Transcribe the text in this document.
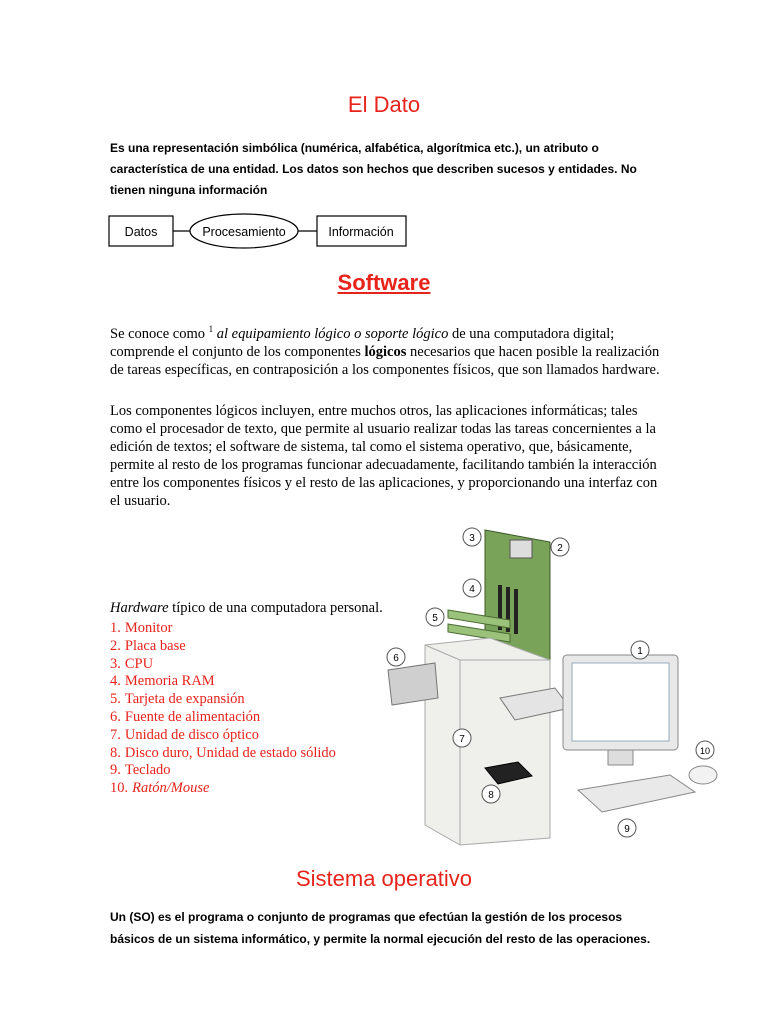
El Dato

Es una representación simbólica (numérica, alfabética, algorítmica etc.), un atributo o característica de una entidad. Los datos son hechos que describen sucesos y entidades. No tienen ninguna información

Datos	Procesamiento	Información
Software

Se conoce como $^1$ al equipamiento lógico o soporte lógico de una computadora digital; comprende el conjunto de los componentes lógicos necesarios que hacen posible la realización de tareas específicas, en contraposición a los componentes físicos, que son llamados hardware.

Los componentes lógicos incluyen, entre muchos otros, las aplicaciones informáticas; tales como el procesador de texto, que permite al usuario realizar todas las tareas concernientes a la edición de textos; el software de sistema, tal como el sistema operativo, que, básicamente, permite al resto de los programas funcionar adecuadamente, facilitando también la interacción entre los componentes físicos y el resto de las aplicaciones, y proporcionando una interfaz con el usuario.

Hardware típico de una computadora personal.
1. Monitor
2. Placa base
3. CPU
4. Memoria RAM
5. Tarjeta de expansión
6. Fuente de alimentación
7. Unidad de disco óptico
8. Disco duro, Unidad de estado sólido
9. Teclado
10. Ratón/Mouse
1
2
3
4
5
6
7
8
9
10
Sistema operativo

Un (SO) es el programa o conjunto de programas que efectúan la gestión de los procesos básicos de un sistema informático, y permite la normal ejecución del resto de las operaciones.
